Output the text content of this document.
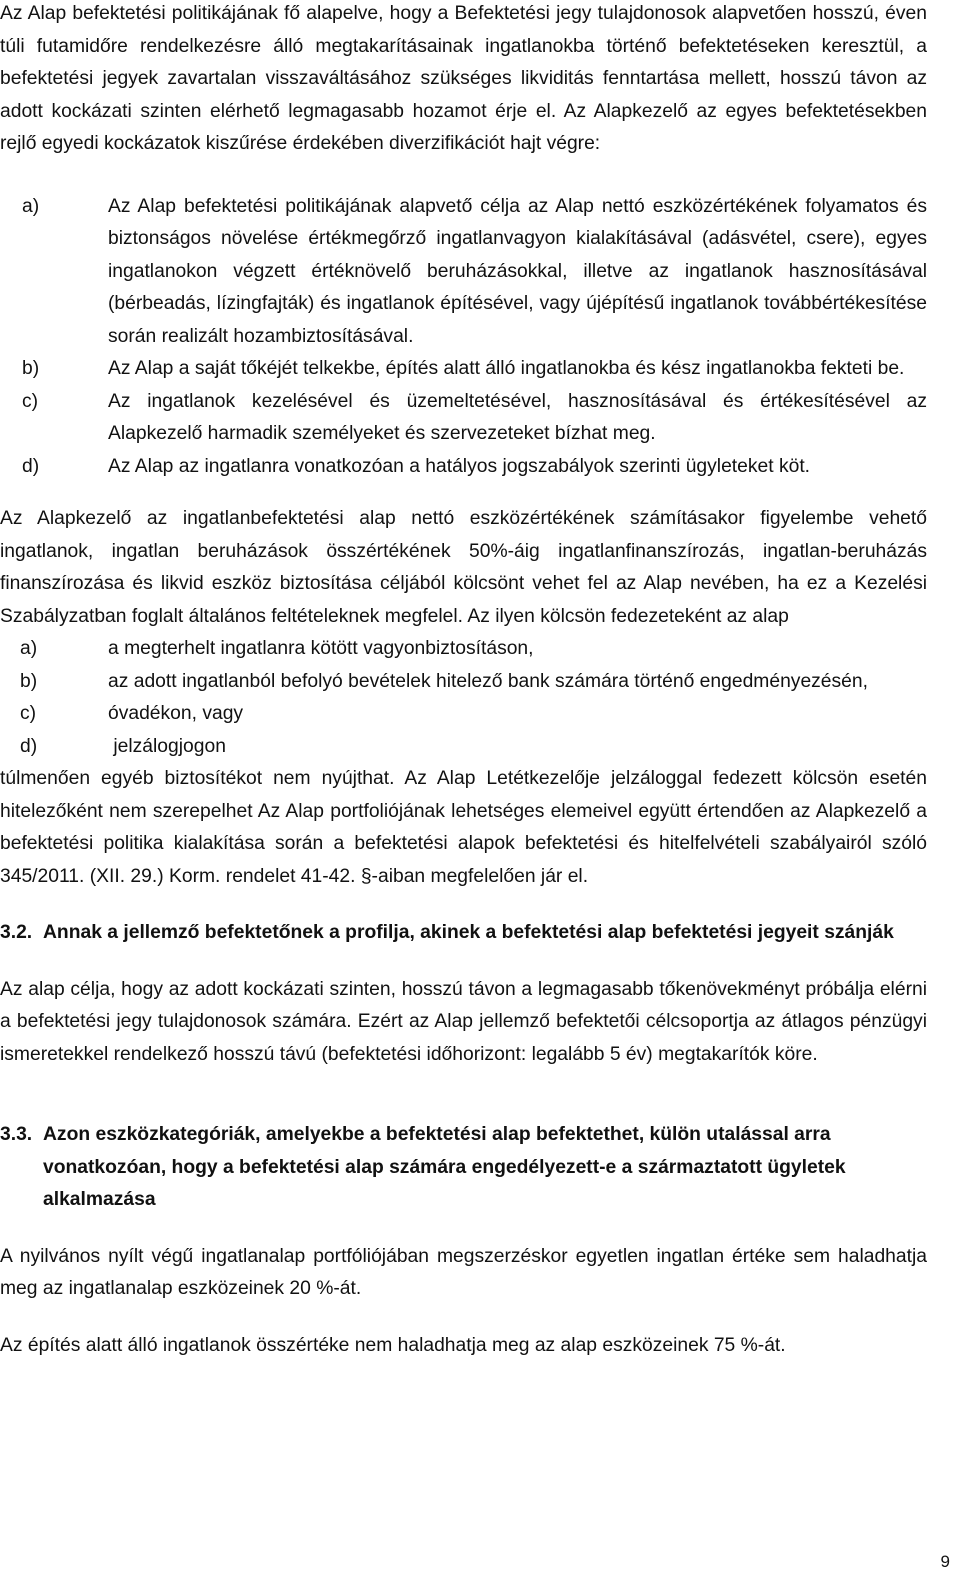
Az Alap befektetési politikájának fő alapelve, hogy a Befektetési jegy tulajdonosok alapvetően hosszú, éven túli futamidőre rendelkezésre álló megtakarításainak ingatlanokba történő befektetéseken keresztül, a befektetési jegyek zavartalan visszaváltásához szükséges likviditás fenntartása mellett, hosszú távon az adott kockázati szinten elérhető legmagasabb hozamot érje el. Az Alapkezelő az egyes befektetésekben rejlő egyedi kockázatok kiszűrése érdekében diverzifikációt hajt végre:

a)	Az Alap befektetési politikájának alapvető célja az Alap nettó eszközértékének folyamatos és biztonságos növelése értékmegőrző ingatlanvagyon kialakításával (adásvétel, csere), egyes ingatlanokon végzett értéknövelő beruházásokkal, illetve az ingatlanok hasznosításával (bérbeadás, lízingfajták) és ingatlanok építésével, vagy újépítésű ingatlanok továbbértékesítése során realizált hozambiztosításával.
b)	Az Alap a saját tőkéjét telkekbe, építés alatt álló ingatlanokba és kész ingatlanokba fekteti be.
c)	Az ingatlanok kezelésével és üzemeltetésével, hasznosításával és értékesítésével az Alapkezelő harmadik személyeket és szervezeteket bízhat meg.
d)	Az Alap az ingatlanra vonatkozóan a hatályos jogszabályok szerinti ügyleteket köt.

Az Alapkezelő az ingatlanbefektetési alap nettó eszközértékének számításakor figyelembe vehető ingatlanok, ingatlan beruházások összértékének 50%-áig ingatlanfinanszírozás, ingatlan-beruházás finanszírozása és likvid eszköz biztosítása céljából kölcsönt vehet fel az Alap nevében, ha ez a Kezelési Szabályzatban foglalt általános feltételeknek megfelel. Az ilyen kölcsön fedezeteként az alap

a)	a megterhelt ingatlanra kötött vagyonbiztosításon,
b)	az adott ingatlanból befolyó bevételek hitelező bank számára történő engedményezésén,
c)	óvadékon, vagy
d)	jelzálogjogon

túlmenően egyéb biztosítékot nem nyújthat. Az Alap Letétkezelője jelzáloggal fedezett kölcsön esetén hitelezőként nem szerepelhet Az Alap portfoliójának lehetséges elemeivel együtt értendően az Alapkezelő a befektetési politika kialakítása során a befektetési alapok befektetési és hitelfelvételi szabályairól szóló 345/2011. (XII. 29.) Korm. rendelet 41-42. §-aiban megfelelően jár el.

3.2. Annak a jellemző befektetőnek a profilja, akinek a befektetési alap befektetési jegyeit szánják

Az alap célja, hogy az adott kockázati szinten, hosszú távon a legmagasabb tőkenövekményt próbálja elérni a befektetési jegy tulajdonosok számára. Ezért az Alap jellemző befektetői célcsoportja az átlagos pénzügyi ismeretekkel rendelkező hosszú távú (befektetési időhorizont: legalább 5 év) megtakarítók köre.

3.3. Azon eszközkategóriák, amelyekbe a befektetési alap befektethet, külön utalással arra vonatkozóan, hogy a befektetési alap számára engedélyezett-e a származtatott ügyletek alkalmazása

A nyilvános nyílt végű ingatlanalap portfóliójában megszerzéskor egyetlen ingatlan értéke sem haladhatja meg az ingatlanalap eszközeinek 20 %-át.

Az építés alatt álló ingatlanok összértéke nem haladhatja meg az alap eszközeinek 75 %-át.

9
